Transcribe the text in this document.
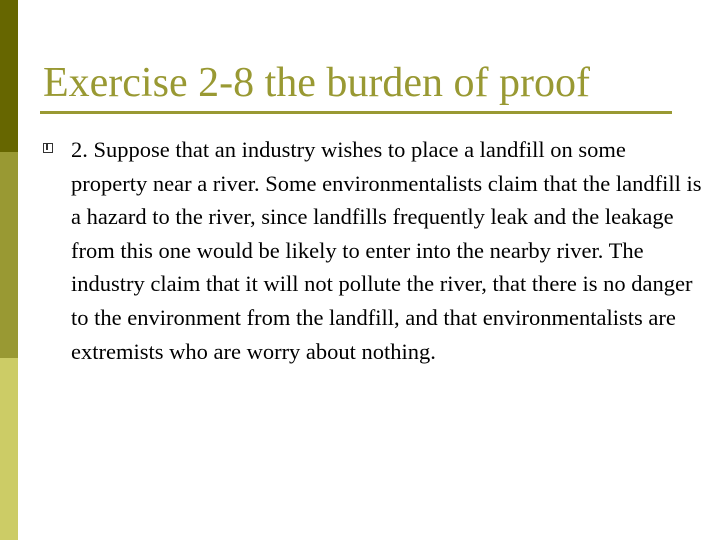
Exercise 2-8 the burden of proof

2. Suppose that an industry wishes to place a landfill on some property near a river. Some environmentalists claim that the landfill is a hazard to the river, since landfills frequently leak and the leakage from this one would be likely to enter into the nearby river. The industry claim that it will not pollute the river, that there is no danger to the environment from the landfill, and that environmentalists are extremists who are worry about nothing.
